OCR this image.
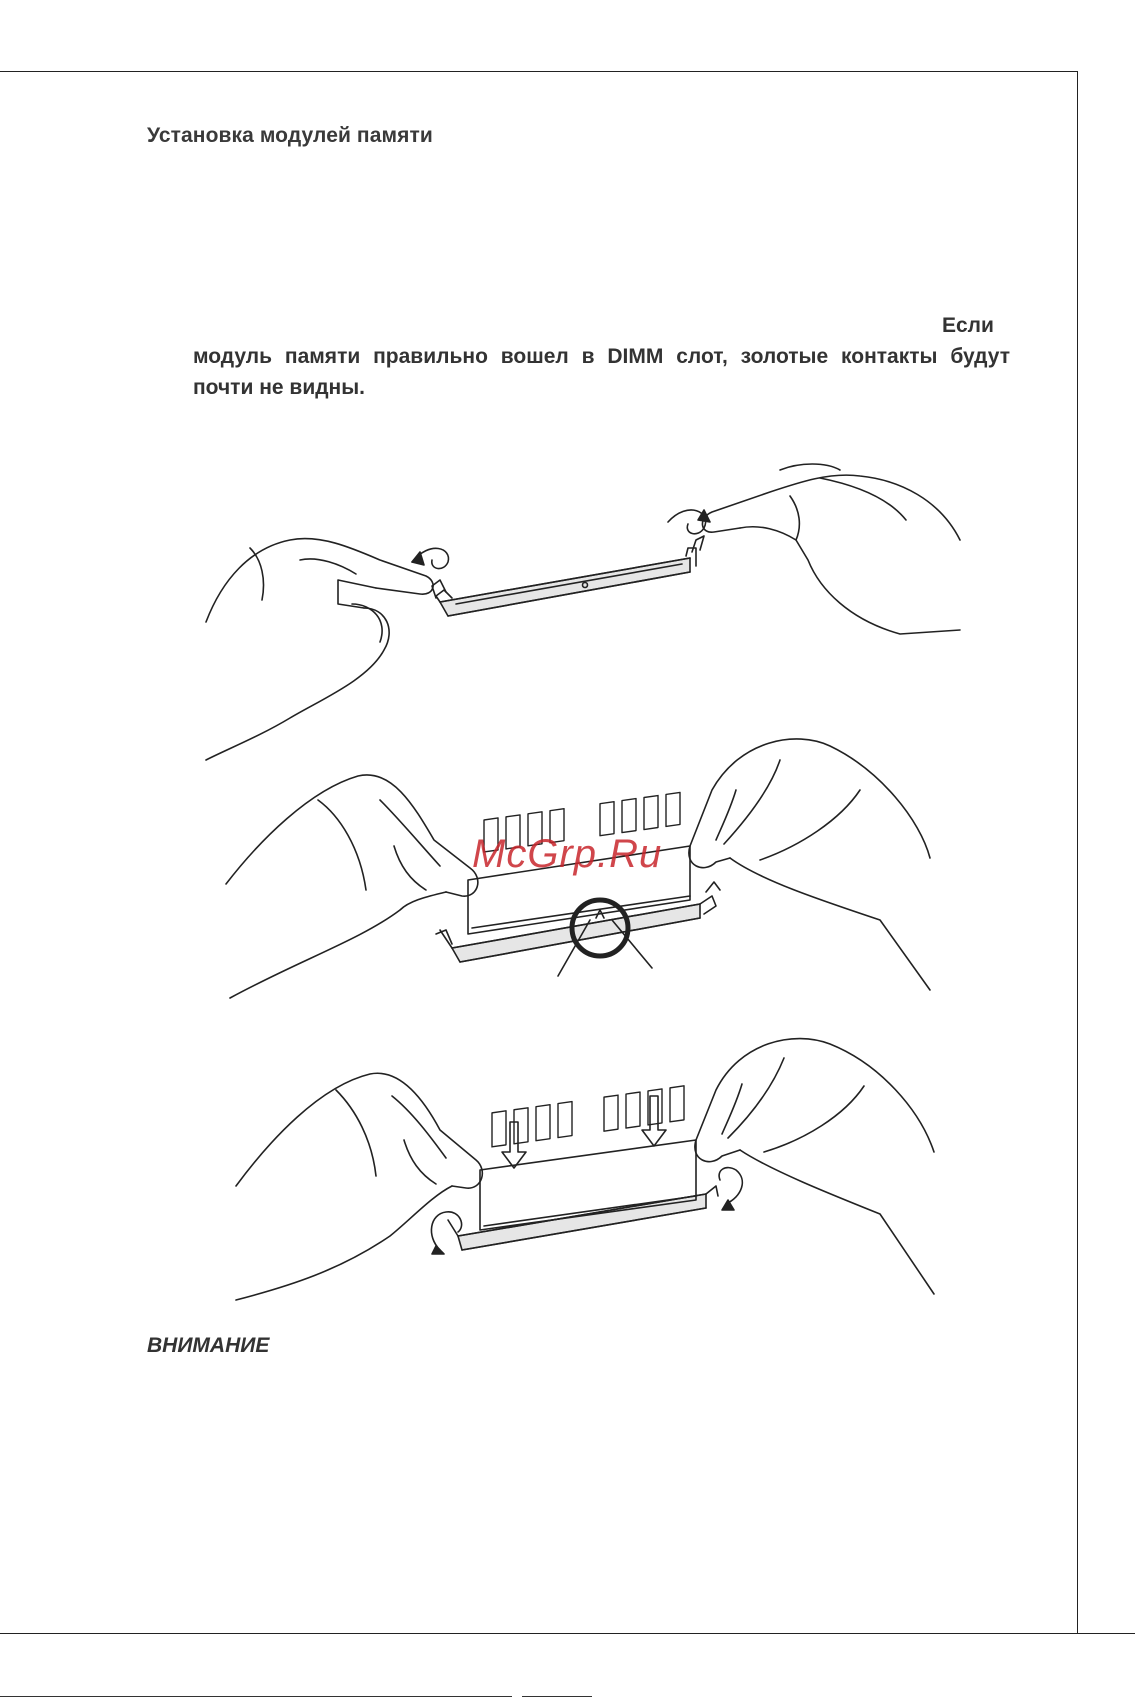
Установка модулей памяти
Если модуль памяти правильно вошел в DIMM слот, золотые контакты будут почти не видны.
McGrp.Ru
ВНИМАНИЕ
